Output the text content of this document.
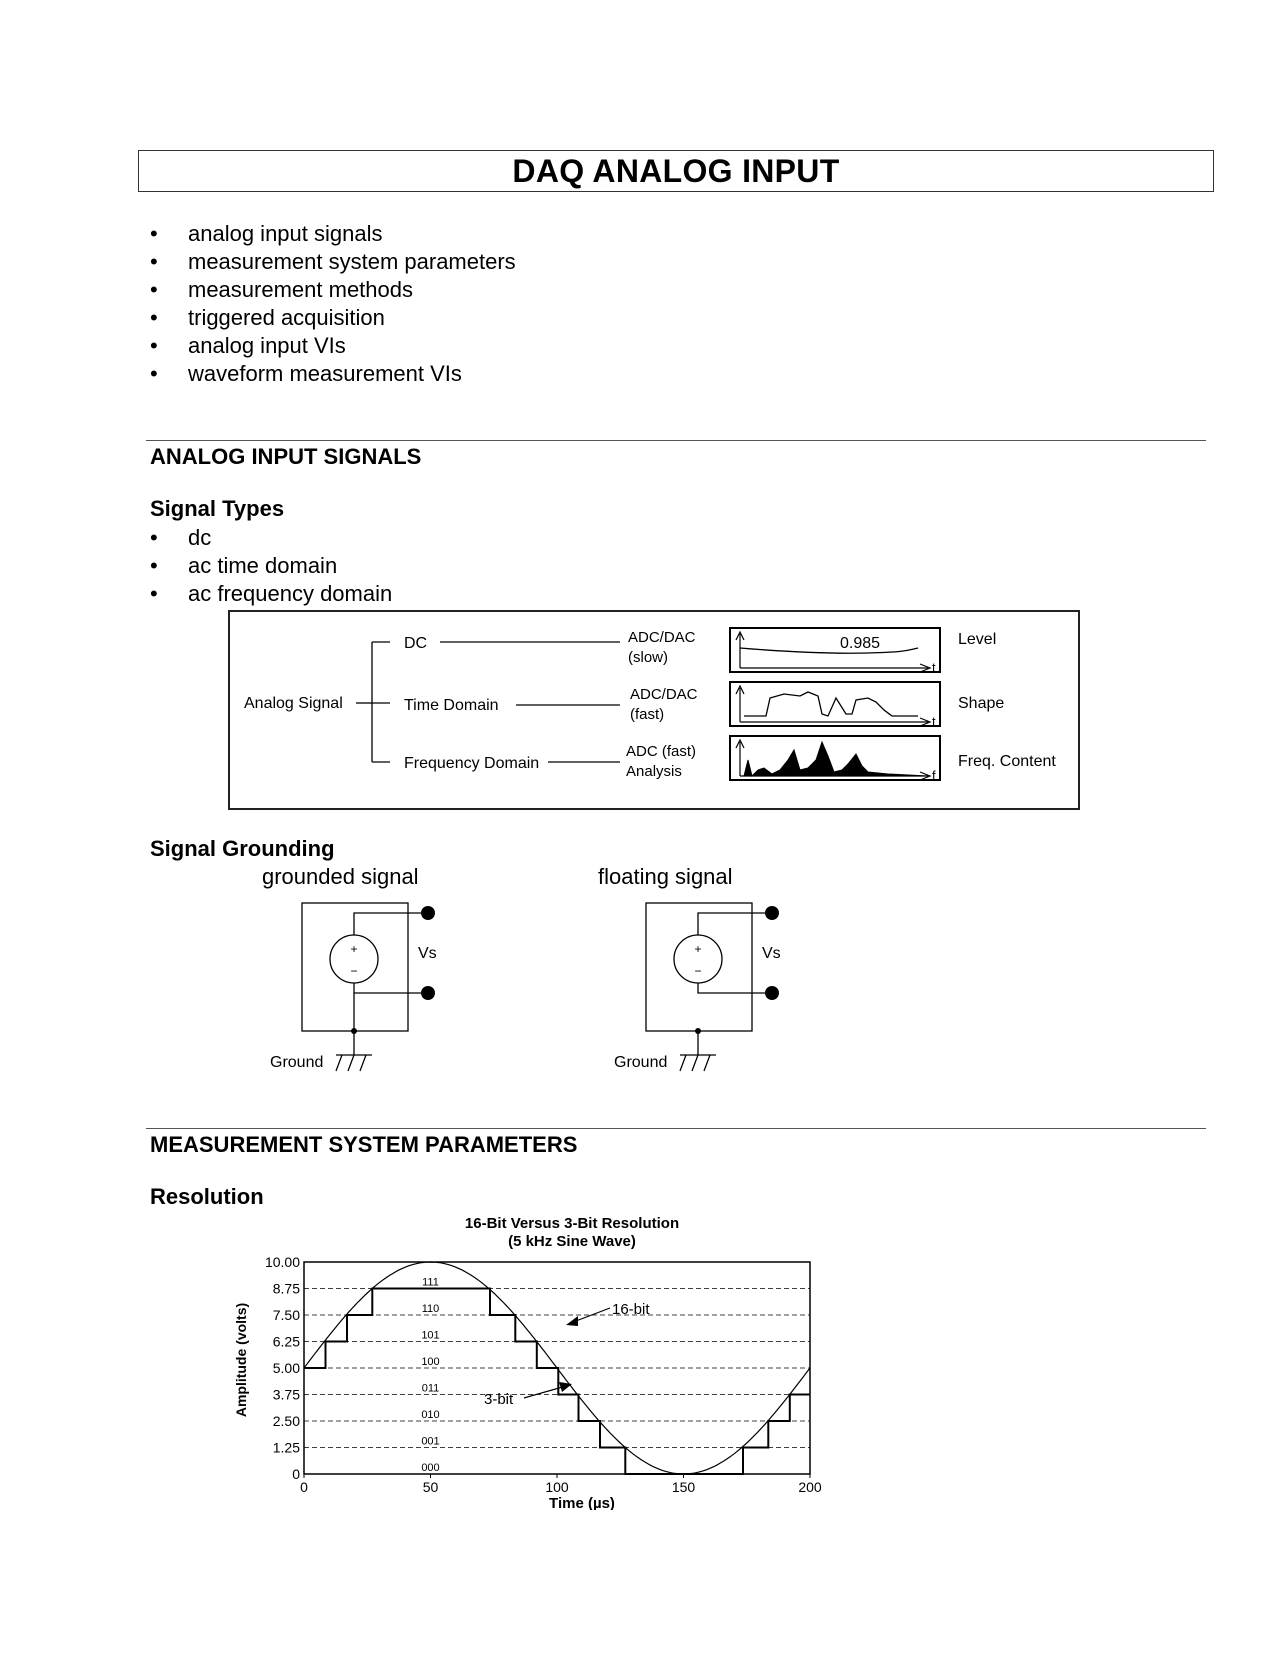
DAQ ANALOG INPUT
• analog input signals
• measurement system parameters
• measurement methods
• triggered acquisition
• analog input VIs
• waveform measurement VIs
ANALOG INPUT SIGNALS
Signal Types
• dc
• ac time domain
• ac frequency domain
Analog Signal
DC
Time Domain
Frequency Domain
ADC/DAC
(slow)
ADC/DAC
(fast)
ADC (fast)
Analysis
t
0.985	Level
t
Shape
f
Freq. Content
Signal Grounding
grounded signal	floating signal
+
−
Vs
Ground
+
−
Vs
Ground
MEASUREMENT SYSTEM PARAMETERS
Resolution
16-Bit Versus 3-Bit Resolution
(5 kHz Sine Wave)
Amplitude (volts)
Time (µs)
0
1.25
2.50
3.75
5.00
6.25
7.50
8.75
10.00
0	50	100	150	200
000
001
010
011
100
101
110
111
16-bit
3-bit
